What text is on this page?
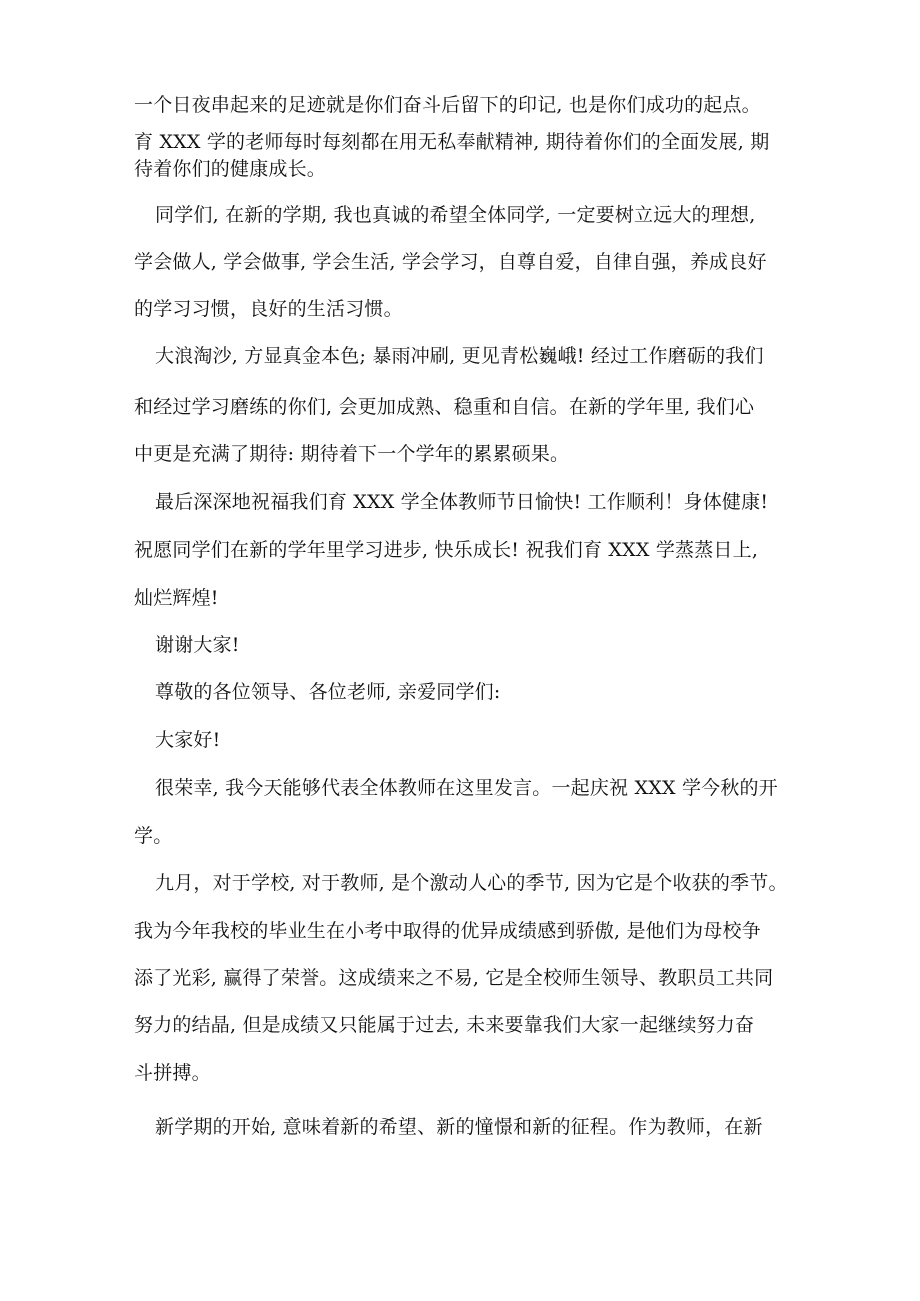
一个日夜串起来的足迹就是你们奋斗后留下的印记, 也是你们成功的起点。
育 XXX 学的老师每时每刻都在用无私奉献精神, 期待着你们的全面发展, 期
待着你们的健康成长。
同学们, 在新的学期, 我也真诚的希望全体同学, 一定要树立远大的理想,
学会做人, 学会做事, 学会生活, 学会学习，自尊自爱，自律自强，养成良好
的学习习惯，良好的生活习惯。
大浪淘沙, 方显真金本色; 暴雨冲刷, 更见青松巍峨! 经过工作磨砺的我们
和经过学习磨练的你们, 会更加成熟、稳重和自信。在新的学年里, 我们心
中更是充满了期待: 期待着下一个学年的累累硕果。
最后深深地祝福我们育 XXX 学全体教师节日愉快! 工作顺利！身体健康!
祝愿同学们在新的学年里学习进步, 快乐成长! 祝我们育 XXX 学蒸蒸日上,
灿烂辉煌!
谢谢大家!
尊敬的各位领导、各位老师, 亲爱同学们:
大家好!
很荣幸, 我今天能够代表全体教师在这里发言。一起庆祝 XXX 学今秋的开
学。
九月，对于学校, 对于教师, 是个激动人心的季节, 因为它是个收获的季节。
我为今年我校的毕业生在小考中取得的优异成绩感到骄傲, 是他们为母校争
添了光彩, 赢得了荣誉。这成绩来之不易, 它是全校师生领导、教职员工共同
努力的结晶, 但是成绩又只能属于过去, 未来要靠我们大家一起继续努力奋
斗拼搏。
新学期的开始, 意味着新的希望、新的憧憬和新的征程。作为教师，在新
